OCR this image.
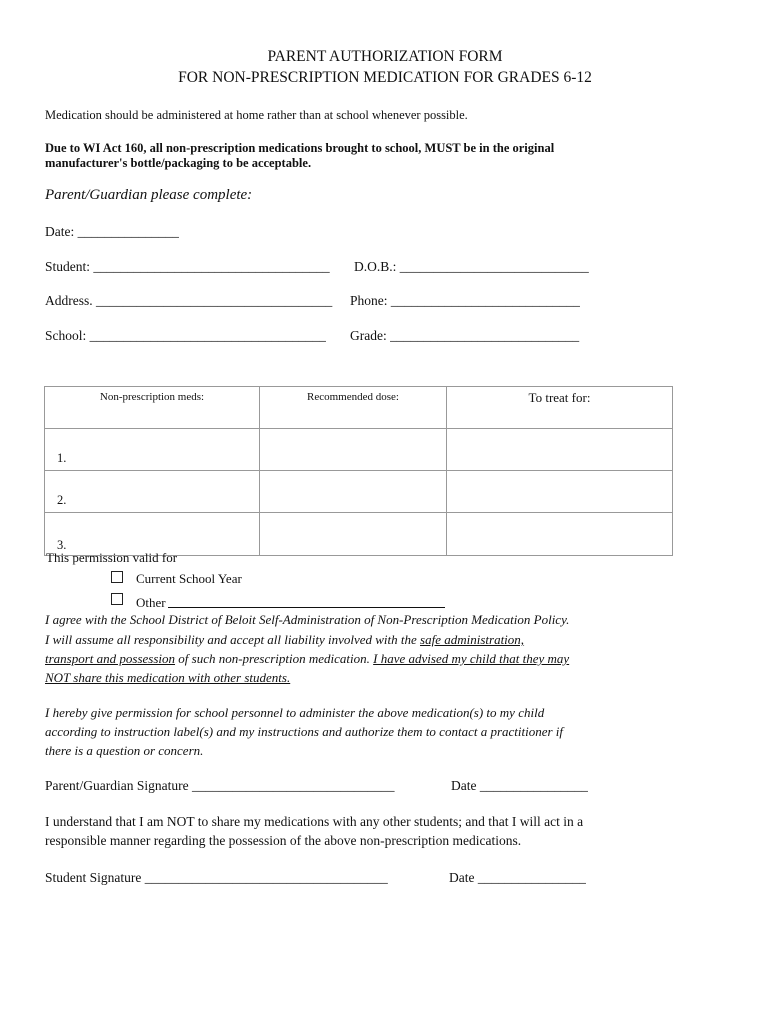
PARENT AUTHORIZATION FORM
FOR NON-PRESCRIPTION MEDICATION FOR GRADES 6-12
Medication should be administered at home rather than at school whenever possible.
Due to WI Act 160, all non-prescription medications brought to school, MUST be in the original
manufacturer's bottle/packaging to be acceptable.
Parent/Guardian please complete:
Date: _______________
Student: ___________________________________ D.O.B.: ____________________________
Address. ___________________________________ Phone: ____________________________
School: ___________________________________ Grade: ____________________________
Non-prescription meds:	Recommended dose:	To treat for:

1.		

2.		

3.		

This permission valid for
Current School Year
Other
I agree with the School District of Beloit Self-Administration of Non-Prescription Medication Policy.
I will assume all responsibility and accept all liability involved with the safe administration,
transport and possession of such non-prescription medication. I have advised my child that they may
NOT share this medication with other students.
I hereby give permission for school personnel to administer the above medication(s) to my child
according to instruction label(s) and my instructions and authorize them to contact a practitioner if
there is a question or concern.
Parent/Guardian Signature ______________________________	Date ________________
I understand that I am NOT to share my medications with any other students; and that I will act in a
responsible manner regarding the possession of the above non-prescription medications.
Student Signature ____________________________________	Date ________________
